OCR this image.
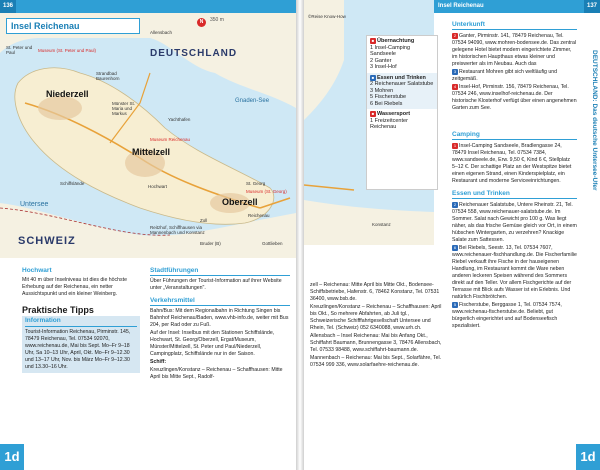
136
Insel Reichenau	N	350 m
DEUTSCHLAND
SCHWEIZ
Gnaden-See
Untersee
Allensbach
St. Peter und Paul	Museum (St. Peter und Paul)
Strandbad Baurenhorn
Niederzell
Münster St. Maria und Markus
Mittelzell
Museum Reichenau
Hochwart
Yachthafen
Schiffslände
Oberzell
St. Georg
Museum (St. Georg)
Reichenau
Zoll
Gottlieben
Bruder (B)
Reitzhof, Schiffhausen via Mannenbach und Konstanz
Hochwart

Mit 40 m über Inselniveau ist dies die höchste Erhebung auf der Reichenau, ein netter Aussichtspunkt und ein kleiner Weinberg.

Praktische Tipps
Information

Tourist-Information Reichenau, Pirminstr. 145, 78479 Reichenau, Tel. 07534 92070, www.reichenau.de, Mai bis Sept. Mo–Fr 9–18 Uhr, Sa 10–13 Uhr, April, Okt. Mo–Fr 9–12.30 und 13–17 Uhr, Nov. bis März Mo–Fr 9–12.30 und 13.30–16 Uhr.

Stadtführungen

Über Führungen der Tourist-Information auf ihrer Website unter „Veranstaltungen".

Verkehrsmittel

Bahn/Bus: Mit dem Regionalbahn in Richtung Singen bis Bahnhof Reichenau/Baden, www.vhb-info.de, weiter mit Bus 204, per Rad oder zu Fuß.

Auf der Insel: Inselbus mit den Stationen Schiffslände, Hochwart, St. Georg/Oberzell, Ergat/Museum, Münster/Mittelzell, St. Peter und Paul/Niederzell, Campingplatz, Schiffslände nur in der Saison.

Schiff:

Kreuzlingen/Konstanz – Reichenau – Schaffhausen: Mitte April bis Mitte Sept., Radolf-

1d
©Reise Know-How
Konstanz
■ Übernachtung
1 Insel-Camping Sandseele
2 Ganter
3 Insel-Hof
■ Essen und Trinken
2 Reichenauer Salatstube
3 Mohren
5 Fischerstube
6 Bei Riebels
■ Wassersport
1 Freizeitcenter Reichenau
Insel Reichenau	137
DEUTSCHLAND: Das deutsche Untersee-Ufer
Unterkunft

2 Ganter, Pirminstr. 141, 78479 Reichenau, Tel. 07534 94090, www.mohren-bodensee.de. Das zentral gelegene Hotel bietet modern eingerichtete Zimmer, im historischen Haupthaus etwas kleiner und preiswerter als im Neubau. Auch das

3 Restaurant Mohren gibt sich weltläufig und zeitgemäß.

4 Insel-Hof, Pirminstr. 156, 78479 Reichenau, Tel. 07534 246, www.inselhof-reichenau.de. Der historische Klosterhof verfügt über einen angenehmen Garten zum See.

Camping

1 Insel-Camping Sandseele, Bradlengasse 24, 78479 Insel Reichenau, Tel. 07534 7384, www.sandseele.de, Erw. 9,50 €, Kind 6 €, Stellplatz 5–12 €. Der schattige Platz an der Westspitze bietet einen eigenen Strand, einen Kinderspielplatz, ein Restaurant und moderne Serviceeinrichtungen.

Essen und Trinken

2 Reichenauer Salatstube, Untere Rheinstr. 21, Tel. 07534 558, www.reichenauer-salatstube.de. Im Sommer. Salat nach Gewicht pro 100 g. Was liegt näher, als das frische Gemüse gleich vor Ort, in einem hübschen Wintergarten, zu verzehren? Knackige Salate zum Sattessen.

6 Bei Riebels, Seestr. 13, Tel. 07534 7607, www.reichenauer-fischhandlung.de. Die Fischerfamilie Riebel verkauft ihre Fische in der hauseigenen Handlung, im Restaurant kommt die Ware neben anderen leckeren Speisen während des Sommers direkt auf den Teller. Vor allem Fischgerichte auf der Terrasse mit Blick aufs Wasser ist ein Erlebnis. Und natürlich Fischbrötchen.

5 Fischerstube, Berggasse 1, Tel. 07534 7574, www.reichenau-fischerstube.de. Beliebt, gut bürgerlich eingerichtet und auf Bodenseefisch spezialisiert.

zell – Reichenau: Mitte April bis Mitte Okt., Bodensee-Schiffsbetriebe, Hafenstr. 6, 78462 Konstanz, Tel. 07531 36400, www.bsb.de.

Kreuzlingen/Konstanz – Reichenau – Schaffhausen: April bis Okt., So mehrere Abfahrten, ab Juli tgl., Schweizerische Schifffahrtgesellschaft Untersee und Rhein, Tel. (Schweiz) 052 6340088, www.urh.ch.

Allensbach – Insel Reichenau: Mai bis Anfang Okt., Schiffahrt Baumann, Brunnengasse 3, 78476 Allensbach, Tel. 07533 98488, www.schiffahrt-baumann.de.

Mannenbach – Reichenau: Mai bis Sept., Solarfähre, Tel. 07534 999 336, www.solarfaehre-reichenau.de.

1d
